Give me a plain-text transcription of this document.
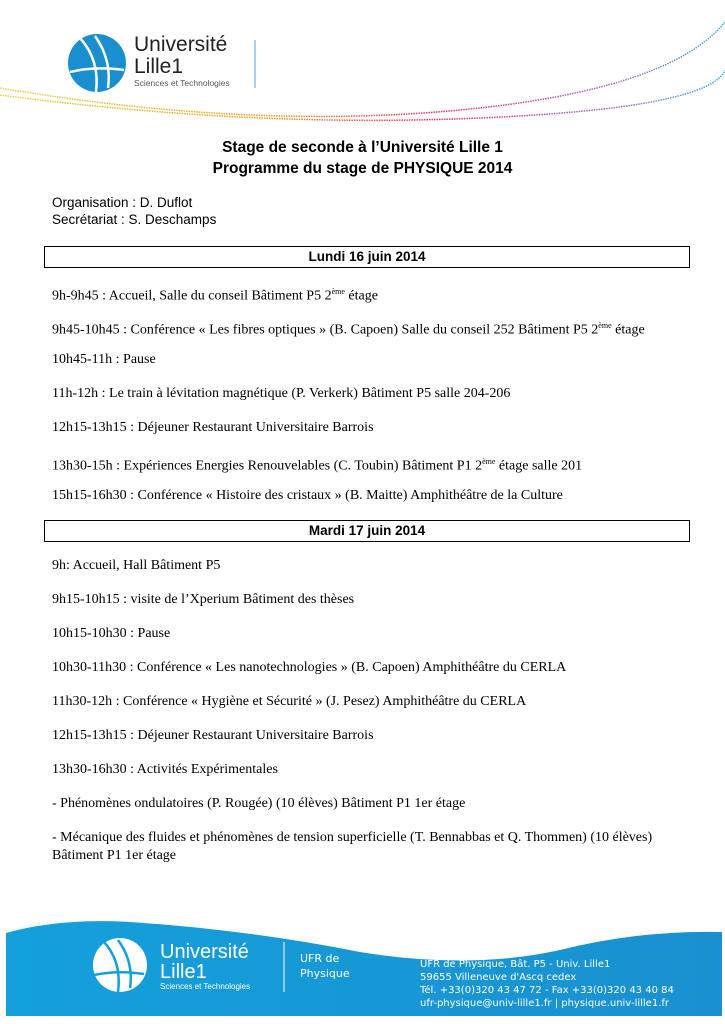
Université
Lille1
Sciences et Technologies
Stage de seconde à l’Université Lille 1
Programme du stage de PHYSIQUE 2014
Organisation : D. Duflot
Secrétariat : S. Deschamps
Lundi 16 juin 2014
9h-9h45 : Accueil, Salle du conseil Bâtiment P5 2ème étage
9h45-10h45 : Conférence « Les fibres optiques » (B. Capoen) Salle du conseil 252 Bâtiment P5 2ème étage
10h45-11h : Pause
11h-12h : Le train à lévitation magnétique (P. Verkerk) Bâtiment P5 salle 204-206
12h15-13h15 : Déjeuner Restaurant Universitaire Barrois
13h30-15h : Expériences Energies Renouvelables (C. Toubin) Bâtiment P1 2ème étage salle 201
15h15-16h30 : Conférence « Histoire des cristaux » (B. Maitte) Amphithéâtre de la Culture
Mardi 17 juin 2014
9h: Accueil, Hall Bâtiment P5
9h15-10h15 : visite de l’Xperium Bâtiment des thèses
10h15-10h30 : Pause
10h30-11h30 : Conférence « Les nanotechnologies » (B. Capoen) Amphithéâtre du CERLA
11h30-12h : Conférence « Hygiène et Sécurité » (J. Pesez) Amphithéâtre du CERLA
12h15-13h15 : Déjeuner Restaurant Universitaire Barrois
13h30-16h30 : Activités Expérimentales
- Phénomènes ondulatoires (P. Rougée) (10 élèves) Bâtiment P1 1er étage
- Mécanique des fluides et phénomènes de tension superficielle (T. Bennabbas et Q. Thommen) (10 élèves) Bâtiment P1 1er étage
Université
Lille1
Sciences et Technologies
UFR de
Physique
UFR de Physique, Bât. P5 - Univ. Lille1
59655 Villeneuve d'Ascq cedex
Tél. +33(0)320 43 47 72 - Fax +33(0)320 43 40 84
ufr-physique@univ-lille1.fr | physique.univ-lille1.fr
